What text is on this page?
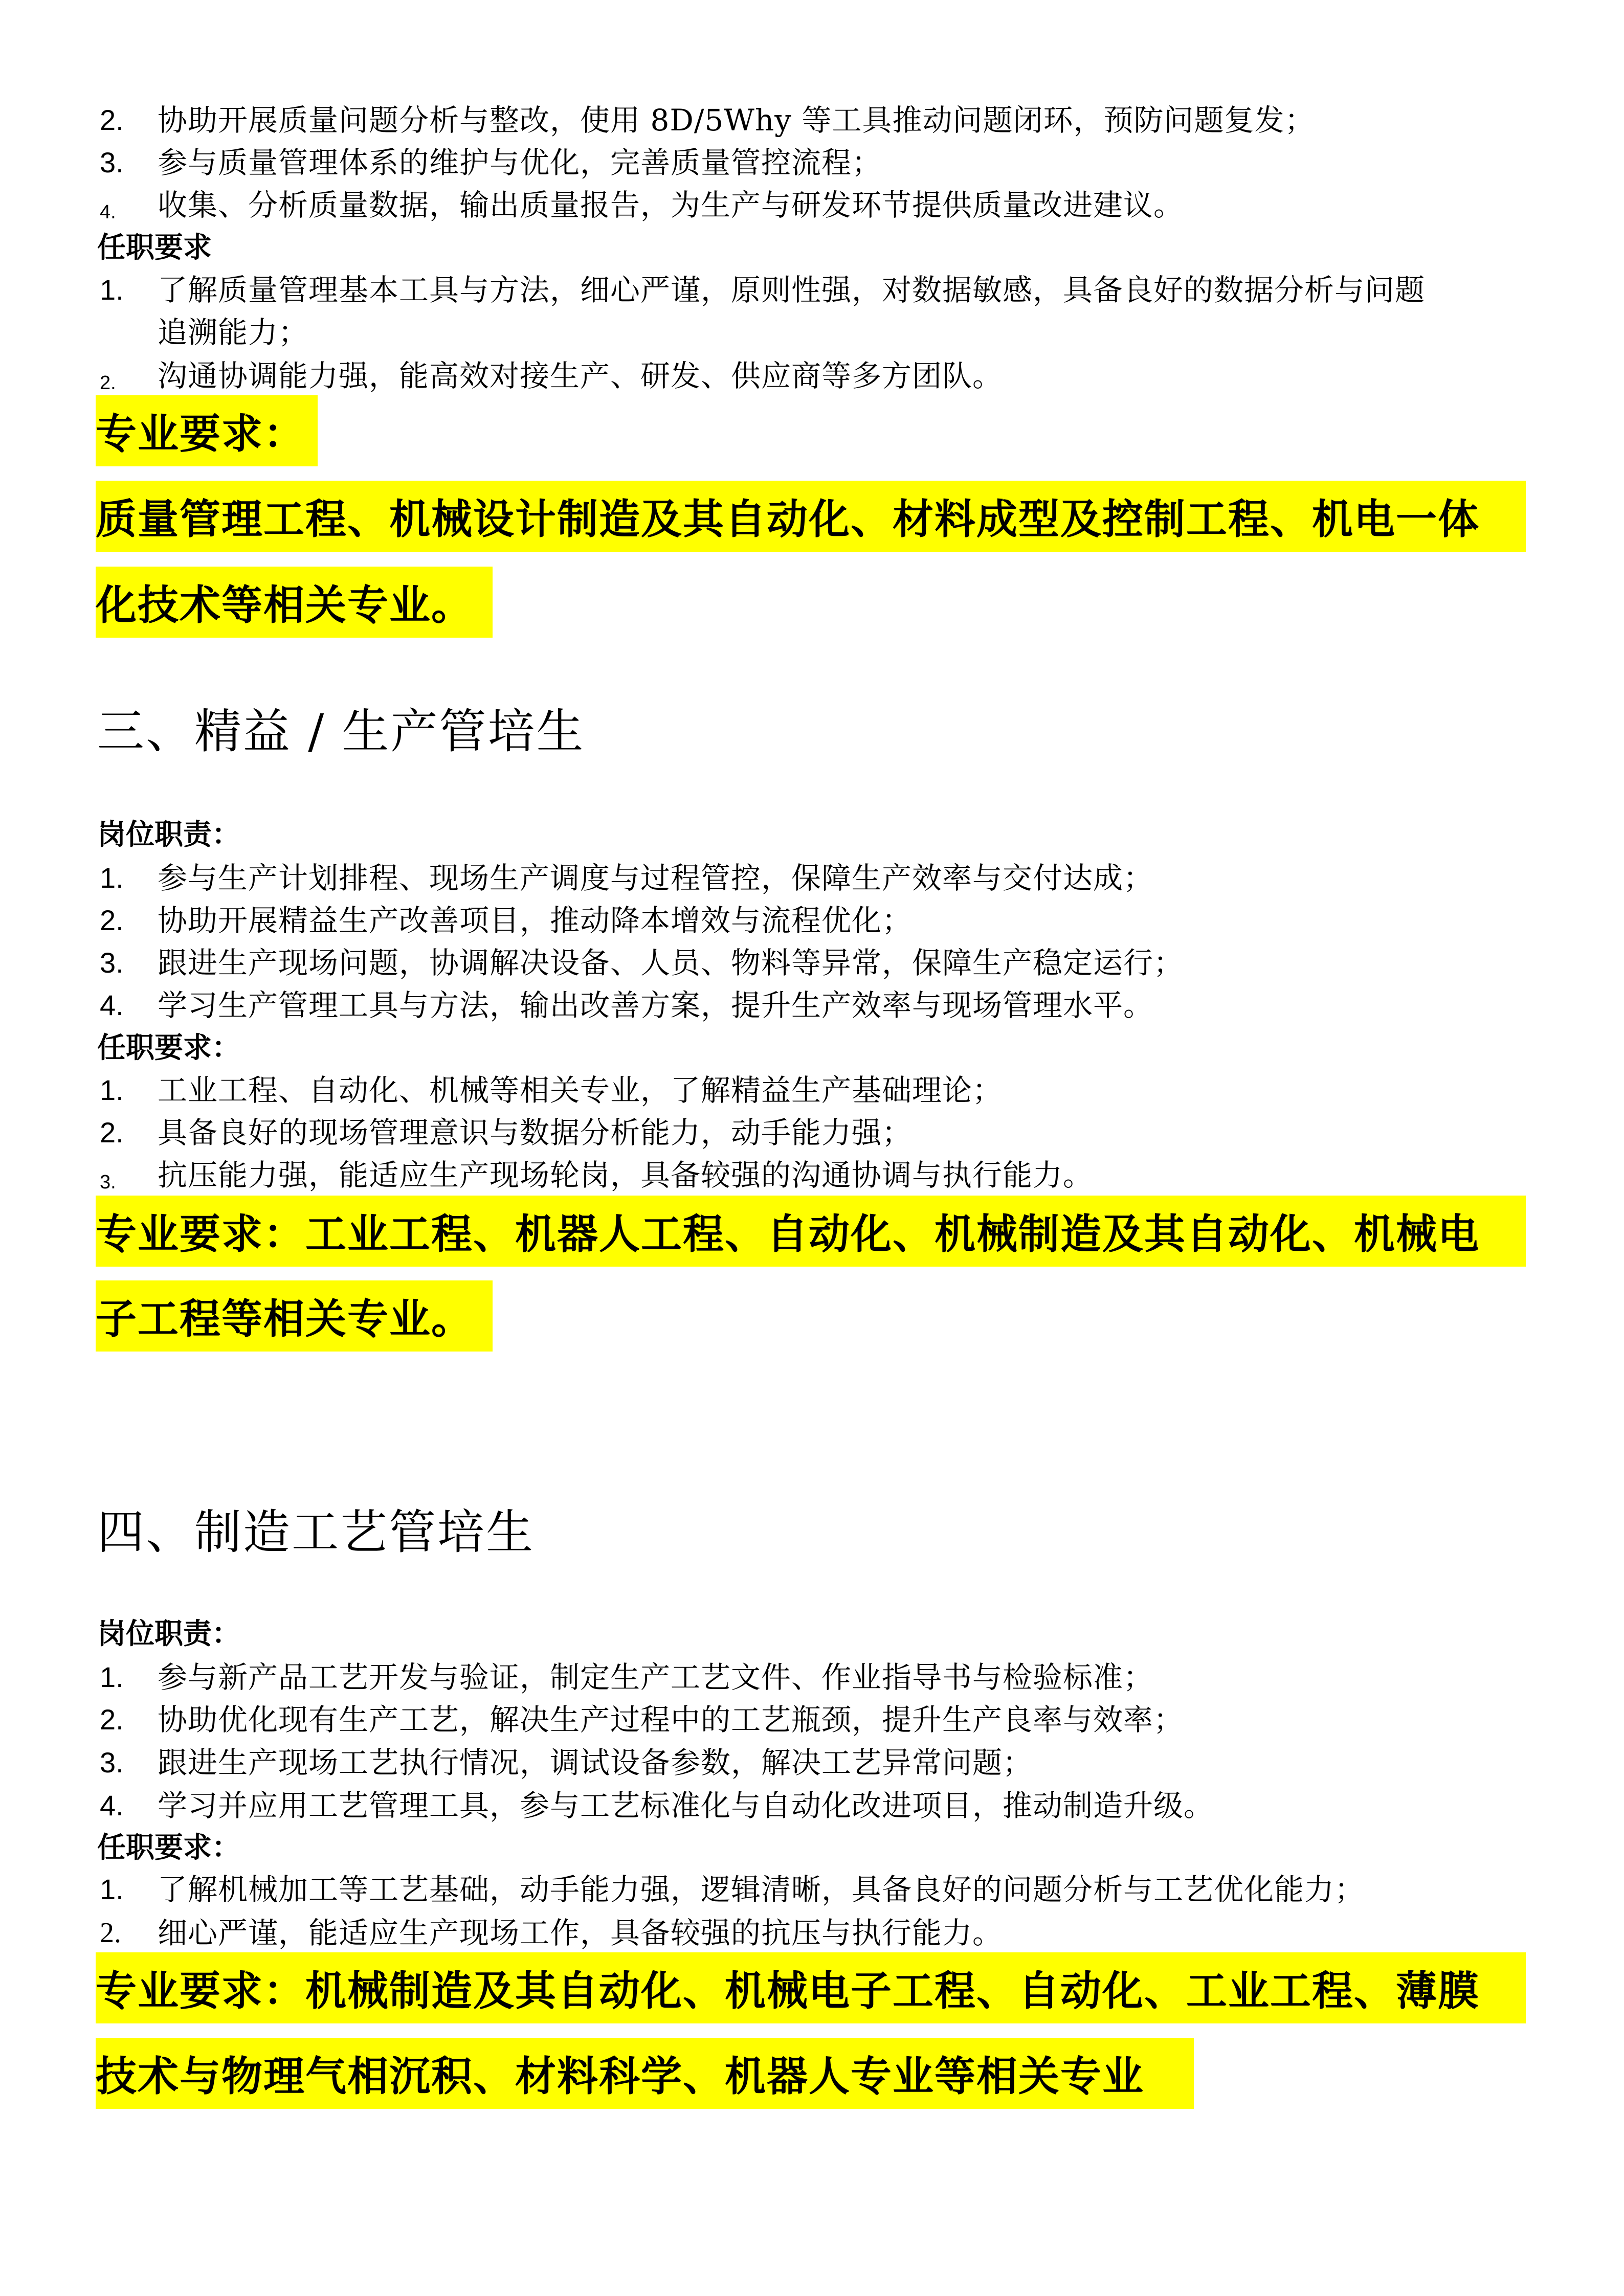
2.	协助开展质量问题分析与整改，使用 8D/5Why 等工具推动问题闭环，预防问题复发；
3.	参与质量管理体系的维护与优化，完善质量管控流程；
4.	收集、分析质量数据，输出质量报告，为生产与研发环节提供质量改进建议。
任职要求
1.	了解质量管理基本工具与方法，细心严谨，原则性强，对数据敏感，具备良好的数据分析与问题
追溯能力；
2.	沟通协调能力强，能高效对接生产、研发、供应商等多方团队。
专业要求：
质量管理工程、机械设计制造及其自动化、材料成型及控制工程、机电一体
化技术等相关专业。
三、精益 / 生产管培生
岗位职责：
1.	参与生产计划排程、现场生产调度与过程管控，保障生产效率与交付达成；
2.	协助开展精益生产改善项目，推动降本增效与流程优化；
3.	跟进生产现场问题，协调解决设备、人员、物料等异常，保障生产稳定运行；
4.	学习生产管理工具与方法，输出改善方案，提升生产效率与现场管理水平。
任职要求：
1.	工业工程、自动化、机械等相关专业，了解精益生产基础理论；
2.	具备良好的现场管理意识与数据分析能力，动手能力强；
3.	抗压能力强，能适应生产现场轮岗，具备较强的沟通协调与执行能力。
专业要求：工业工程、机器人工程、自动化、机械制造及其自动化、机械电
子工程等相关专业。
四、制造工艺管培生
岗位职责：
1.	参与新产品工艺开发与验证，制定生产工艺文件、作业指导书与检验标准；
2.	协助优化现有生产工艺，解决生产过程中的工艺瓶颈，提升生产良率与效率；
3.	跟进生产现场工艺执行情况，调试设备参数，解决工艺异常问题；
4.	学习并应用工艺管理工具，参与工艺标准化与自动化改进项目，推动制造升级。
任职要求：
1.	了解机械加工等工艺基础，动手能力强，逻辑清晰，具备良好的问题分析与工艺优化能力；
2.	细心严谨，能适应生产现场工作，具备较强的抗压与执行能力。
专业要求：机械制造及其自动化、机械电子工程、自动化、工业工程、薄膜
技术与物理气相沉积、材料科学、机器人专业等相关专业
